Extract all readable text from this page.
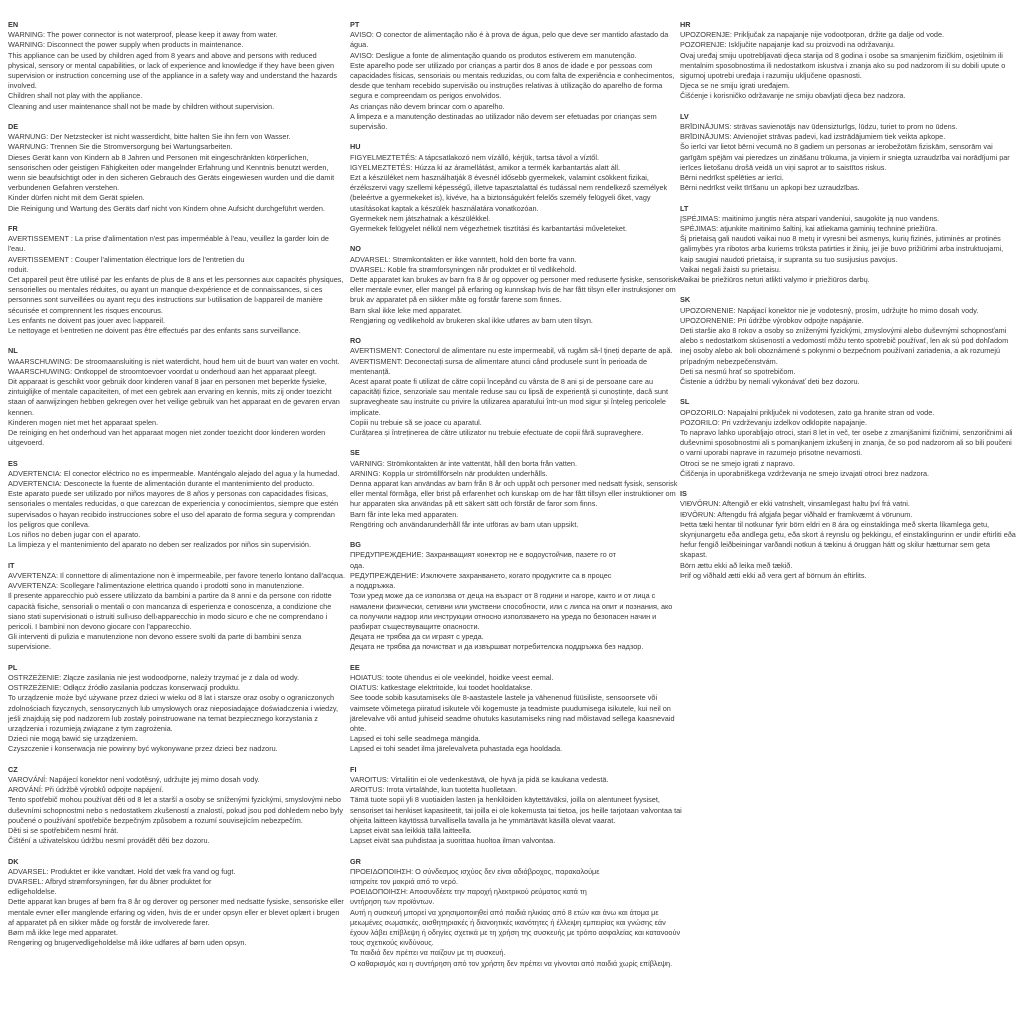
EN
WARNING: The power connector is not waterproof, please keep it away from water.
WARNING: Disconnect the power supply when products in maintenance.
This appliance can be used by children aged from 8 years and above and persons with reduced physical, sensory or mental capabilities, or lack of experience and knowledge if they have been given supervision or instruction concerning use of the appliance in a safety way and understand the hazards involved.
Children shall not play with the appliance.
Cleaning and user maintenance shall not be made by children without supervision.
DE
WARNUNG: Der Netzstecker ist nicht wasserdicht, bitte halten Sie ihn fern von Wasser.
WARNUNG: Trennen Sie die Stromversorgung bei Wartungsarbeiten.
Dieses Gerät kann von Kindern ab 8 Jahren und Personen mit eingeschränkten körperlichen, sensorischen oder geistigen Fähigkeiten oder mangelnder Erfahrung und Kenntnis benutzt werden, wenn sie beaufsichtigt oder in den sicheren Gebrauch des Geräts eingewiesen wurden und die damit verbundenen Gefahren verstehen.
Kinder dürfen nicht mit dem Gerät spielen.
Die Reinigung und Wartung des Geräts darf nicht von Kindern ohne Aufsicht durchgeführt werden.
FR
AVERTISSEMENT : La prise d'alimentation n'est pas imperméable à l'eau, veuillez la garder loin de l'eau.
AVERTISSEMENT : Couper l'alimentation électrique lors de l'entretien du
roduit.
Cet appareil peut être utilisé par les enfants de plus de 8 ans et les personnes aux capacités physiques, sensorielles ou mentales réduites, ou ayant un manque d›expérience et de connaissances, si ces personnes sont surveillées ou ayant reçu des instructions sur l›utilisation de l›appareil de manière sécurisée et comprennent les risques encourus.
Les enfants ne doivent pas jouer avec l›appareil.
Le nettoyage et l›entretien ne doivent pas être effectués par des enfants sans surveillance.
NL
WAARSCHUWING: De stroomaansluiting is niet waterdicht, houd hem uit de buurt van water en vocht.
WAARSCHUWING: Ontkoppel de stroomtoevoer voordat u onderhoud aan het apparaat pleegt.
Dit apparaat is geschikt voor gebruik door kinderen vanaf 8 jaar en personen met beperkte fysieke, zintuiglijke of mentale capaciteiten, of met een gebrek aan ervaring en kennis, mits zij onder toezicht staan of aanwijzingen hebben gekregen over het veilige gebruik van het apparaat en de gevaren ervan kennen.
Kinderen mogen niet met het apparaat spelen.
De reiniging en het onderhoud van het apparaat mogen niet zonder toezicht door kinderen worden uitgevoerd.
ES
ADVERTENCIA: El conector eléctrico no es impermeable. Manténgalo alejado del agua y la humedad.
ADVERTENCIA: Desconecte la fuente de alimentación durante el mantenimiento del producto.
Este aparato puede ser utilizado por niños mayores de 8 años y personas con capacidades físicas, sensoriales o mentales reducidas, o que carezcan de experiencia y conocimientos, siempre que estén supervisados o hayan recibido instrucciones sobre el uso del aparato de forma segura y comprendan los peligros que conlleva.
Los niños no deben jugar con el aparato.
La limpieza y el mantenimiento del aparato no deben ser realizados por niños sin supervisión.
IT
AVVERTENZA: Il connettore di alimentazione non è impermeabile, per favore tenerlo lontano dall'acqua.
AVVERTENZA: Scollegare l'alimentazione elettrica quando i prodotti sono in manutenzione.
Il presente apparecchio può essere utilizzato da bambini a partire da 8 anni e da persone con ridotte capacità fisiche, sensoriali o mentali o con mancanza di esperienza e conoscenza, a condizione che siano stati supervisionati o istruiti sull›uso dell›apparecchio in modo sicuro e che ne comprendano i pericoli. I bambini non devono giocare con l'apparecchio.
Gli interventi di pulizia e manutenzione non devono essere svolti da parte di bambini senza supervisione.
PL
OSTRZEŻENIE: Złącze zasilania nie jest wodoodporne, należy trzymać je z dala od wody.
OSTRZEŻENIE: Odłącz źródło zasilania podczas konserwacji produktu.
To urządzenie może być używane przez dzieci w wieku od 8 lat i starsze oraz osoby o ograniczonych zdolnościach fizycznych, sensorycznych lub umysłowych oraz nieposiadające doświadczenia i wiedzy, jeśli znajdują się pod nadzorem lub zostały poinstruowane na temat bezpiecznego korzystania z urządzenia i rozumieją związane z tym zagrożenia.
Dzieci nie mogą bawić się urządzeniem.
Czyszczenie i konserwacja nie powinny być wykonywane przez dzieci bez nadzoru.
CZ
VAROVÁNÍ: Napájecí konektor není vodotěsný, udržujte jej mimo dosah vody.
AROVÁNÍ: Při údržbě výrobků odpojte napájení.
Tento spotřebič mohou používat děti od 8 let a starší a osoby se sníženými fyzickými, smyslovými nebo duševními schopnostmi nebo s nedostatkem zkušeností a znalostí, pokud jsou pod dohledem nebo byly poučené o používání spotřebiče bezpečným způsobem a rozumí souvisejícím nebezpečím.
Děti si se spotřebičem nesmí hrát.
Čištění a uživatelskou údržbu nesmí provádět děti bez dozoru.
DK
ADVARSEL: Produktet er ikke vandtæt. Hold det væk fra vand og fugt.
DVARSEL: Afbryd strømforsyningen, før du åbner produktet for
edligeholdelse.
Dette apparat kan bruges af børn fra 8 år og derover og personer med nedsatte fysiske, sensoriske eller mentale evner eller manglende erfaring og viden, hvis de er under opsyn eller er blevet oplært i brugen af apparatet på en sikker måde og forstår de involverede farer.
Børn må ikke lege med apparatet.
Rengøring og brugervedligeholdelse må ikke udføres af børn uden opsyn.
PT
AVISO: O conector de alimentação não é à prova de água, pelo que deve ser mantido afastado da água.
AVISO: Desligue a fonte de alimentação quando os produtos estiverem em manutenção.
Este aparelho pode ser utilizado por crianças a partir dos 8 anos de idade e por pessoas com capacidades físicas, sensoriais ou mentais reduzidas, ou com falta de experiência e conhecimentos, desde que tenham recebido supervisão ou instruções relativas à utilização do aparelho de forma segura e compreendam os perigos envolvidos.
As crianças não devem brincar com o aparelho.
A limpeza e a manutenção destinadas ao utilizador não devem ser efetuadas por crianças sem supervisão.
HU
FIGYELMEZTETÉS: A tápcsatlakozó nem vízálló, kérjük, tartsa távol a víztől.
IGYELMEZTETÉS: Húzza ki az áramellátást, amikor a termék karbantartás alatt áll.
Ezt a készüléket nem használhatják 8 évesnél idősebb gyermekek, valamint csökkent fizikai, érzékszervi vagy szellemi képességű, illetve tapasztalattal és tudással nem rendelkező személyek (beleértve a gyermekeket is), kivéve, ha a biztonságukért felelős személy felügyeli őket, vagy utasításokat kaptak a készülék használatára vonatkozóan.
Gyermekek nem játszhatnak a készülékkel.
Gyermekek felügyelet nélkül nem végezhetnek tisztítási és karbantartási műveleteket.
NO
ADVARSEL: Strømkontakten er ikke vanntett, hold den borte fra vann.
DVARSEL: Koble fra strømforsyningen når produktet er til vedlikehold.
Dette apparatet kan brukes av barn fra 8 år og oppover og personer med reduserte fysiske, sensoriske eller mentale evner, eller mangel på erfaring og kunnskap hvis de har fått tilsyn eller instruksjoner om bruk av apparatet på en sikker måte og forstår farene som finnes.
Barn skal ikke leke med apparatet.
Rengjøring og vedlikehold av brukeren skal ikke utføres av barn uten tilsyn.
RO
AVERTISMENT: Conectorul de alimentare nu este impermeabil, vă rugăm să-l țineți departe de apă.
AVERTISMENT: Deconectați sursa de alimentare atunci când produsele sunt în perioada de mentenanță.
Acest aparat poate fi utilizat de către copii începând cu vârsta de 8 ani și de persoane care au capacități fizice, senzoriale sau mentale reduse sau cu lipsă de experiență și cunoștințe, dacă sunt supravegheate sau instruite cu privire la utilizarea aparatului într-un mod sigur și înțeleg pericolele implicate.
Copiii nu trebuie să se joace cu aparatul.
Curățarea și întreținerea de către utilizator nu trebuie efectuate de copii fără supraveghere.
SE
VARNING: Strömkontakten är inte vattentät, håll den borta från vatten.
ARNING: Koppla ur strömtillförseln när produkten underhålls.
Denna apparat kan användas av barn från 8 år och uppåt och personer med nedsatt fysisk, sensorisk eller mental förmåga, eller brist på erfarenhet och kunskap om de har fått tillsyn eller instruktioner om hur apparaten ska användas på ett säkert sätt och förstår de faror som finns.
Barn får inte leka med apparaten.
Rengöring och användarunderhåll får inte utföras av barn utan uppsikt.
BG
ПРЕДУПРЕЖДЕНИЕ: Захранващият конектор не е водоустойчив, пазете го от
ода.
РЕДУПРЕЖДЕНИЕ: Изключете захранването, когато продуктите са в процес
а поддръжка.
Този уред може да се използва от деца на възраст от 8 години и нагоре, както и от лица с намалени физически, сетивни или умствени способности, или с липса на опит и познания, ако са получили надзор или инструкции относно използването на уреда по безопасен начин и разбират съществуващите опасности.
Децата не трябва да си играят с уреда.
Децата не трябва да почистват и да извършват потребителска поддръжка без надзор.
EE
HOIATUS: toote ühendus ei ole veekindel, hoidke veest eemal.
OIATUS: katkestage elektritoide, kui toodet hooldatakse.
See toode sobib kasutamiseks üle 8-aastastele lastele ja vähenenud füüsiliste, sensoorsete või vaimsete võimetega piiratud isikutele või kogemuste ja teadmiste puudumisega isikutele, kui neil on järelevalve või antud juhiseid seadme ohutuks kasutamiseks ning nad mõistavad sellega kaasnevaid ohte.
Lapsed ei tohi selle seadmega mängida.
Lapsed ei tohi seadet ilma järelevalveta puhastada ega hooldada.
FI
VAROITUS: Virtaliitin ei ole vedenkestävä, ole hyvä ja pidä se kaukana vedestä.
AROITUS: Irrota virtalähde, kun tuotetta huolletaan.
Tämä tuote sopii yli 8 vuotiaiden lasten ja henkilöiden käytettäväksi, joilla on alentuneet fyysiset, sensoriset tai henkiset kapasiteetit, tai joilla ei ole kokemusta tai tietoa, jos heille tarjotaan valvontaa tai ohjeita laitteen käytössä turvallisella tavalla ja he ymmärtävät käsillä olevat vaarat.
Lapset eivät saa leikkiä tällä laitteella.
Lapset eivät saa puhdistaa ja suorittaa huoltoa ilman valvontaa.
GR
ΠΡΟΕΙΔΟΠΟΙΗΣΗ: Ο σύνδεσμος ισχύος δεν είναι αδιάβροχος, παρακαλούμε
ιατηρείτε τον μακριά από το νερό.
ΡΟΕΙΔΟΠΟΙΗΣΗ: Αποσυνδέετε την παροχή ηλεκτρικού ρεύματος κατά τη
υντήρηση των προϊόντων.
Αυτή η συσκευή μπορεί να χρησιμοποιηθεί από παιδιά ηλικίας από 8 ετών και άνω και άτομα με μειωμένες σωματικές, αισθητηριακές ή διανοητικές ικανότητες ή έλλειψη εμπειρίας και γνώσης εάν έχουν λάβει επίβλεψη ή οδηγίες σχετικά με τη χρήση της συσκευής με τρόπο ασφαλείας και κατανοούν τους σχετικούς κινδύνους.
Τα παιδιά δεν πρέπει να παίζουν με τη συσκευή.
Ο καθαρισμός και η συντήρηση από τον χρήστη δεν πρέπει να γίνονται από παιδιά χωρίς επίβλεψη.
HR
UPOZORENJE: Priključak za napajanje nije vodootporan, držite ga dalje od vode.
POZORENJE: Isključite napajanje kad su proizvodi na održavanju.
Ovaj uređaj smiju upotrebljavati djeca starija od 8 godina i osobe sa smanjenim fizičkim, osjetilnim ili mentalnim sposobnostima ili nedostatkom iskustva i znanja ako su pod nadzorom ili su dobili upute o sigurnoj upotrebi uređaja i razumiju uključene opasnosti.
Djeca se ne smiju igrati uređajem.
Čišćenje i korisničko održavanje ne smiju obavljati djeca bez nadzora.
LV
BRĪDINĀJUMS: strāvas savienotājs nav ūdensizturīgs, lūdzu, turiet to prom no ūdens.
BRĪDINĀJUMS: Atvienojiet strāvas padevi, kad izstrādājumiem tiek veikta apkope.
Šo ierīci var lietot bērni vecumā no 8 gadiem un personas ar ierobežotām fiziskām, sensorām vai garīgām spējām vai pieredzes un zināšanu trūkuma, ja viņiem ir sniegta uzraudzība vai norādījumi par ierīces lietošanu drošā veidā un viņi saprot ar to saistītos riskus.
Bērni nedrīkst spēlēties ar ierīci.
Bērni nedrīkst veikt tīrīšanu un apkopi bez uzraudzības.
LT
ĮSPĖJIMAS: maitinimo jungtis nėra atspari vandeniui, saugokite ją nuo vandens.
SPĖJIMAS: atjunkite maitinimo šaltinį, kai atliekama gaminių techninė priežiūra.
Šį prietaisą gali naudoti vaikai nuo 8 metų ir vyresni bei asmenys, kurių fizinės, jutiminės ar protinės galimybės yra ribotos arba kuriems trūksta patirties ir žinių, jei jie buvo prižiūrimi arba instruktuojami, kaip saugiai naudoti prietaisą, ir supranta su tuo susijusius pavojus.
Vaikai negali žaisti su prietaisu.
Vaikai be priežiūros neturi atlikti valymo ir priežiūros darbų.
SK
UPOZORNENIE: Napájací konektor nie je vodotesný, prosím, udržujte ho mimo dosah vody.
UPOZORNENIE: Pri údržbe výrobkov odpojte napájanie.
Deti staršie ako 8 rokov a osoby so zníženými fyzickými, zmyslovými alebo duševnými schopnosťami alebo s nedostatkom skúseností a vedomostí môžu tento spotrebič používať, len ak sú pod dohľadom inej osoby alebo ak boli oboznámené s pokynmi o bezpečnom používaní zariadenia, a ak rozumejú prípadným nebezpečenstvám.
Deti sa nesmú hrať so spotrebičom.
Čistenie a údržbu by nemali vykonávať deti bez dozoru.
SL
OPOZORILO: Napajalni priključek ni vodotesen, zato ga hranite stran od vode.
POZORILO: Pri vzdrževanju izdelkov odklopite napajanje.
To napravo lahko uporabljajo otroci, stari 8 let in več, ter osebe z zmanjšanimi fizičnimi, senzoričnimi ali duševnimi sposobnostmi ali s pomanjkanjem izkušenj in znanja, če so pod nadzorom ali so bili poučeni o varni uporabi naprave in razumejo prisotne nevarnosti.
Otroci se ne smejo igrati z napravo.
Čiščenja in uporabniškega vzdrževanja ne smejo izvajati otroci brez nadzora.
IS
VIÐVÖRUN: Aftengið er ekki vatnshelt, vinsamlegast haltu því frá vatni.
IÐVÖRUN: Aftengdu frá afgjafa þegar viðhald er framkvæmt á vörunum.
Þetta tæki hentar til notkunar fyrir börn eldri en 8 ára og einstaklinga með skerta líkamlega getu, skynjunargetu eða andlega getu, eða skort á reynslu og þekkingu, ef einstaklingurinn er undir eftirliti eða hefur fengið leiðbeiningar varðandi notkun á tækinu á öruggan hátt og skilur hætturnar sem geta skapast.
Börn ættu ekki að leika með tækið.
Þrif og viðhald ætti ekki að vera gert af börnum án eftirlits.
